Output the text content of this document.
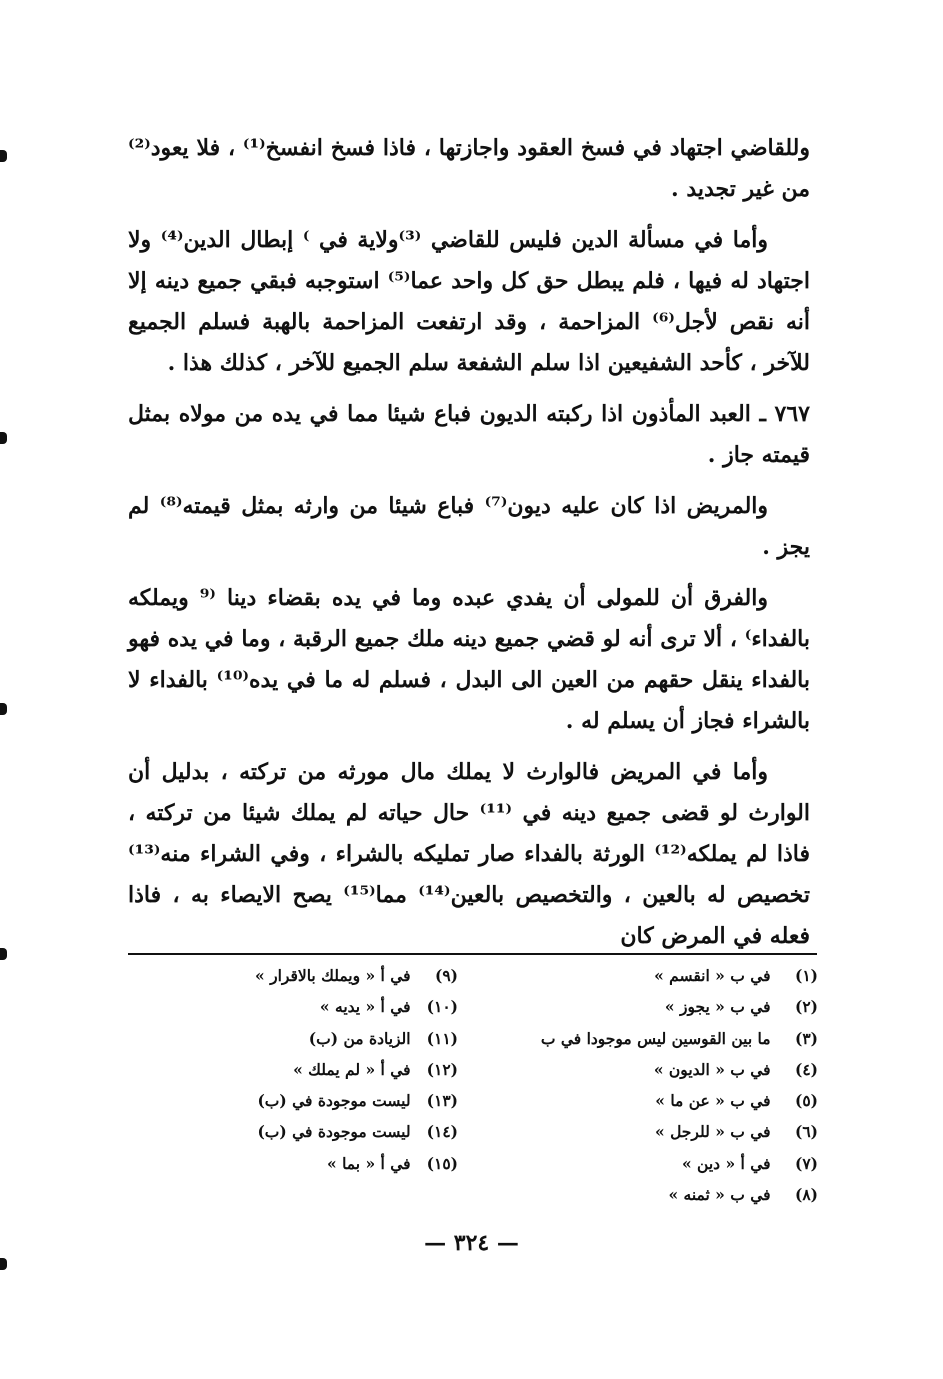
وللقاضي اجتهاد في فسخ العقود واجازتها ، فاذا فسخ انفسخ⁽¹⁾ ، فلا يعود⁽²⁾ من غير تجديد .

وأما في مسألة الدين فليس للقاضي ⁽³⁾ولاية في ⁾ إبطال الدين⁽⁴⁾ ولا اجتهاد له فيها ، فلم يبطل حق كل واحد عما⁽⁵⁾ استوجبه فبقي جميع دينه إلا أنه نقص لأجل⁽⁶⁾ المزاحمة ، وقد ارتفعت المزاحمة بالهبة فسلم الجميع للآخر ، كأحد الشفيعين اذا سلم الشفعة سلم الجميع للآخر ، كذلك هذا .

٧٦٧ ـ العبد المأذون اذا ركبته الديون فباع شيئا مما في يده من مولاه بمثل قيمته جاز .

والمريض اذا كان عليه ديون⁽⁷⁾ فباع شيئا من وارثه بمثل قيمته⁽⁸⁾ لم يجز .

والفرق أن للمولى أن يفدي عبده وما في يده بقضاء دينا ⁽⁹ ويملكه بالفداء⁾ ، ألا ترى أنه لو قضي جميع دينه ملك جميع الرقبة ، وما في يده فهو بالفداء ينقل حقهم من العين الى البدل ، فسلم له ما في يده⁽¹⁰⁾ بالفداء لا بالشراء فجاز أن يسلم له .

وأما في المريض فالوارث لا يملك مال مورثه من تركته ، بدليل أن الوارث لو قضى جميع دينه في ⁽¹¹⁾ حال حياته لم يملك شيئا من تركته ، فاذا لم يملكه⁽¹²⁾ الورثة بالفداء صار تمليكه بالشراء ، وفي الشراء منه⁽¹³⁾ تخصيص له بالعين ، والتخصيص بالعين⁽¹⁴⁾ مما⁽¹⁵⁾ يصح الايصاء به ، فاذا فعله في المرض كان

(١) في ب « انقسم »
(٢) في ب « يجوز »
(٣) ما بين القوسين ليس موجودا في ب
(٤) في ب « الديون »
(٥) في ب « عن ما »
(٦) في ب « للرجل »
(٧) في أ « دين »
(٨) في ب « ثمنه »
(٩) في أ « ويملك بالاقرار »
(١٠) في أ « يديه »
(١١) الزيادة من (ب)
(١٢) في أ « لم يملك »
(١٣) ليست موجودة في (ب)
(١٤) ليست موجودة في (ب)
(١٥) في أ « بما »
— ٣٢٤ —
